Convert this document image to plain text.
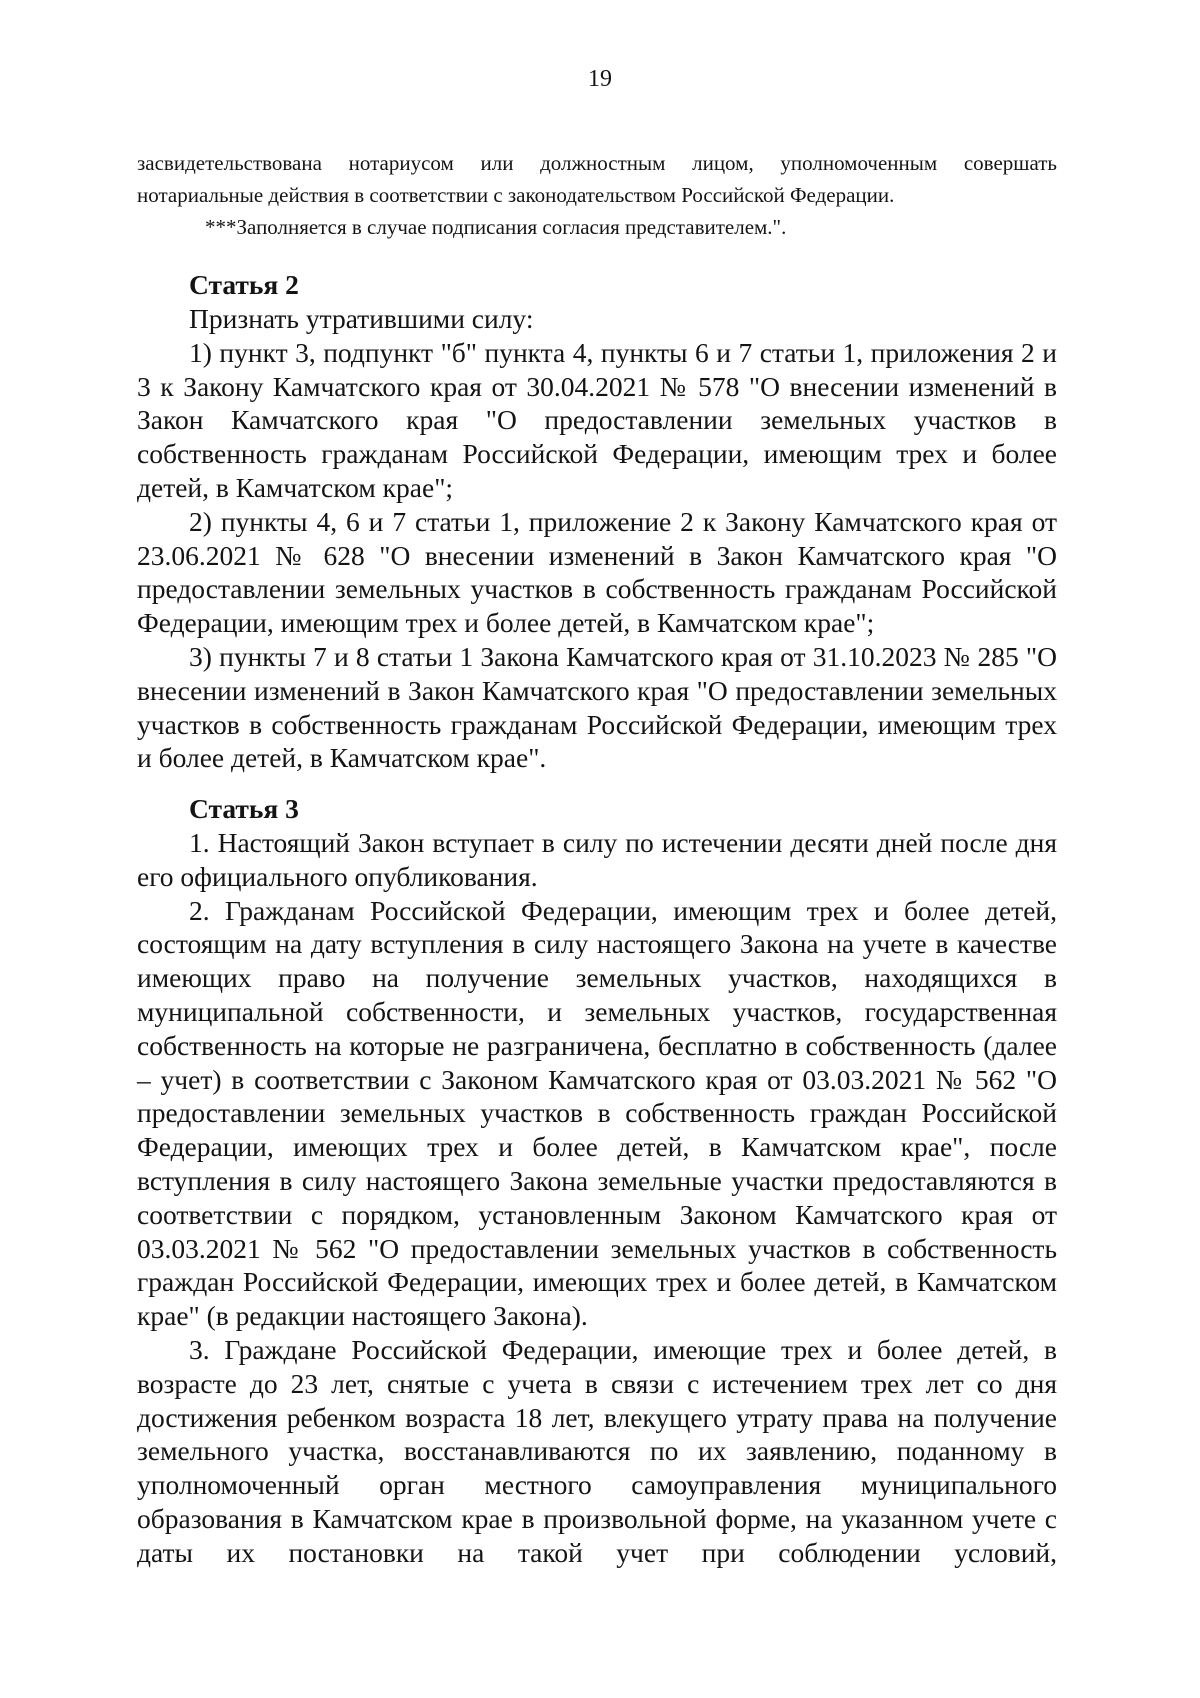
19

засвидетельствована нотариусом или должностным лицом, уполномоченным совершать нотариальные действия в соответствии с законодательством Российской Федерации.

***Заполняется в случае подписания согласия представителем.".

Статья 2

Признать утратившими силу:

1) пункт 3, подпункт "б" пункта 4, пункты 6 и 7 статьи 1, приложения 2 и 3 к Закону Камчатского края от 30.04.2021 № 578 "О внесении изменений в Закон Камчатского края "О предоставлении земельных участков в собственность гражданам Российской Федерации, имеющим трех и более детей, в Камчатском крае";

2) пункты 4, 6 и 7 статьи 1, приложение 2 к Закону Камчатского края от 23.06.2021 № 628 "О внесении изменений в Закон Камчатского края "О предоставлении земельных участков в собственность гражданам Российской Федерации, имеющим трех и более детей, в Камчатском крае";

3) пункты 7 и 8 статьи 1 Закона Камчатского края от 31.10.2023 № 285 "О внесении изменений в Закон Камчатского края "О предоставлении земельных участков в собственность гражданам Российской Федерации, имеющим трех и более детей, в Камчатском крае".

Статья 3

1. Настоящий Закон вступает в силу по истечении десяти дней после дня его официального опубликования.

2. Гражданам Российской Федерации, имеющим трех и более детей, состоящим на дату вступления в силу настоящего Закона на учете в качестве имеющих право на получение земельных участков, находящихся в муниципальной собственности, и земельных участков, государственная собственность на которые не разграничена, бесплатно в собственность (далее – учет) в соответствии с Законом Камчатского края от 03.03.2021 № 562 "О предоставлении земельных участков в собственность граждан Российской Федерации, имеющих трех и более детей, в Камчатском крае", после вступления в силу настоящего Закона земельные участки предоставляются в соответствии с порядком, установленным Законом Камчатского края от 03.03.2021 № 562 "О предоставлении земельных участков в собственность граждан Российской Федерации, имеющих трех и более детей, в Камчатском крае" (в редакции настоящего Закона).

3. Граждане Российской Федерации, имеющие трех и более детей, в возрасте до 23 лет, снятые с учета в связи с истечением трех лет со дня достижения ребенком возраста 18 лет, влекущего утрату права на получение земельного участка, восстанавливаются по их заявлению, поданному в уполномоченный орган местного самоуправления муниципального образования в Камчатском крае в произвольной форме, на указанном учете с даты их постановки на такой учет при соблюдении условий,
